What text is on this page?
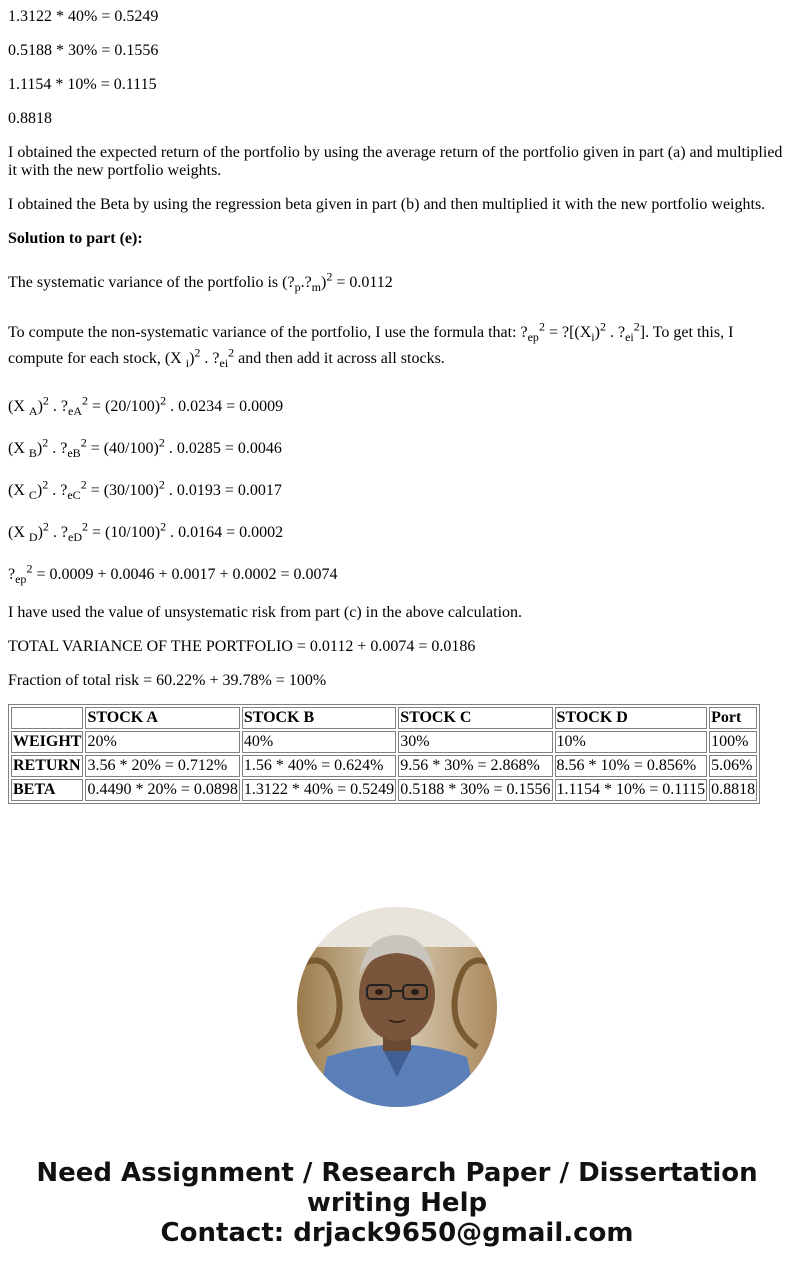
1.3122 * 40% = 0.5249

0.5188 * 30% = 0.1556

1.1154 * 10% = 0.1115

0.8818

I obtained the expected return of the portfolio by using the average return of the portfolio given in part (a) and multiplied it with the new portfolio weights.

I obtained the Beta by using the regression beta given in part (b) and then multiplied it with the new portfolio weights.

Solution to part (e):

The systematic variance of the portfolio is $(?_p.?_m)^2 = 0.0112$

To compute the non-systematic variance of the portfolio, I use the formula that: $?_{ep}^2$ = $?[(X_i)^2$ . $?_{ei}^2$]. To get this, I compute for each stock, (X $_i$)$^2$ . $?_{ei}^2$ and then add it across all stocks.

(X $_A$)$^2$ . $?_{eA}^2 = (20/100)^2$ . 0.0234 = 0.0009

(X $_B$)$^2$ . $?_{eB}^2 = (40/100)^2$ . 0.0285 = 0.0046

(X $_C$)$^2$ . $?_{eC}^2 = (30/100)^2$ . 0.0193 = 0.0017

(X $_D$)$^2$ . $?_{eD}^2 = (10/100)^2$ . 0.0164 = 0.0002

$?_{ep}^2 = 0.0009 + 0.0046 + 0.0017 + 0.0002 = 0.0074$

I have used the value of unsystematic risk from part (c) in the above calculation.

TOTAL VARIANCE OF THE PORTFOLIO = 0.0112 + 0.0074 = 0.0186

Fraction of total risk = 60.22% + 39.78% = 100%

	STOCK A	STOCK B	STOCK C	STOCK D	Port
WEIGHT	20%	40%	30%	10%	100%
RETURN	3.56 * 20% = 0.712%	1.56 * 40% = 0.624%	9.56 * 30% = 2.868%	8.56 * 10% = 0.856%	5.06%
BETA	0.4490 * 20% = 0.0898	1.3122 * 40% = 0.5249	0.5188 * 30% = 0.1556	1.1154 * 10% = 0.1115	0.8818
Need Assignment / Research Paper / Dissertation
writing Help
Contact: drjack9650@gmail.com
